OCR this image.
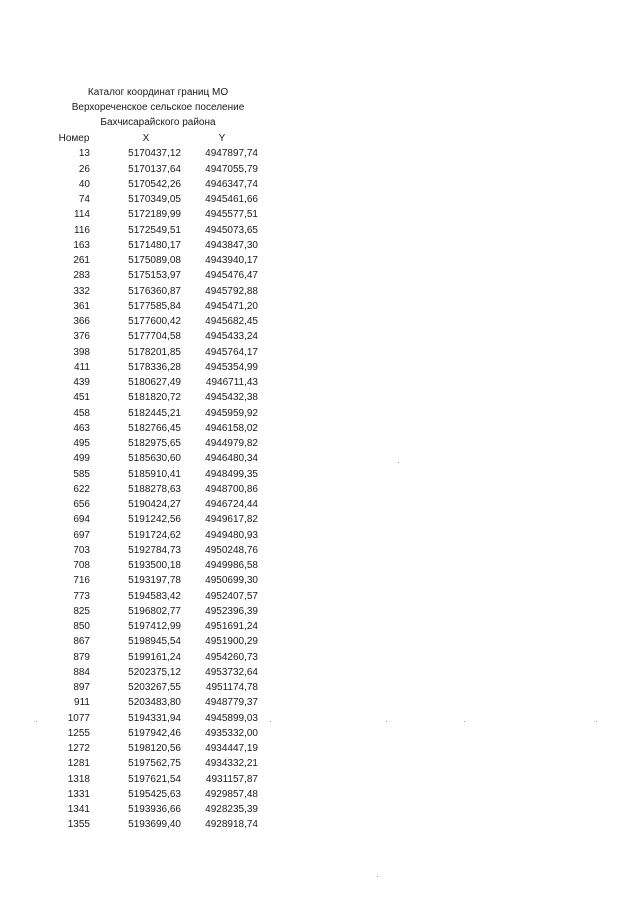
Каталог координат границ МО
Верхореченское сельское поселение
Бахчисарайского района
Номер	X	Y
13	5170437,12	4947897,74
26	5170137,64	4947055,79
40	5170542,26	4946347,74
74	5170349,05	4945461,66
114	5172189,99	4945577,51
116	5172549,51	4945073,65
163	5171480,17	4943847,30
261	5175089,08	4943940,17
283	5175153,97	4945476,47
332	5176360,87	4945792,88
361	5177585,84	4945471,20
366	5177600,42	4945682,45
376	5177704,58	4945433,24
398	5178201,85	4945764,17
411	5178336,28	4945354,99
439	5180627,49	4946711,43
451	5181820,72	4945432,38
458	5182445,21	4945959,92
463	5182766,45	4946158,02
495	5182975,65	4944979,82
499	5185630,60	4946480,34
585	5185910,41	4948499,35
622	5188278,63	4948700,86
656	5190424,27	4946724,44
694	5191242,56	4949617,82
697	5191724,62	4949480,93
703	5192784,73	4950248,76
708	5193500,18	4949986,58
716	5193197,78	4950699,30
773	5194583,42	4952407,57
825	5196802,77	4952396,39
850	5197412,99	4951691,24
867	5198945,54	4951900,29
879	5199161,24	4954260,73
884	5202375,12	4953732,64
897	5203267,55	4951174,78
911	5203483,80	4948779,37
1077	5194331,94	4945899,03
1255	5197942,46	4935332,00
1272	5198120,56	4934447,19
1281	5197562,75	4934332,21
1318	5197621,54	4931157,87
1331	5195425,63	4929857,48
1341	5193936,66	4928235,39
1355	5193699,40	4928918,74
